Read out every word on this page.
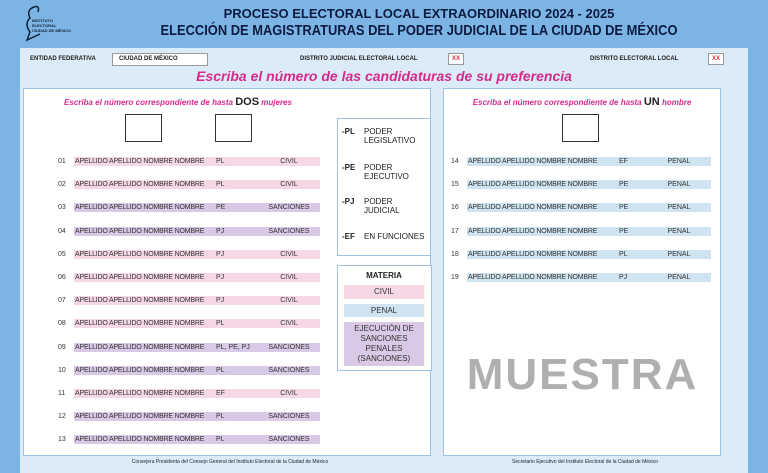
INSTITUTO ELECTORAL CIUDAD DE MÉXICO
PROCESO ELECTORAL LOCAL EXTRAORDINARIO 2024 - 2025
ELECCIÓN DE MAGISTRATURAS DEL PODER JUDICIAL DE LA CIUDAD DE MÉXICO
ENTIDAD FEDERATIVA	CIUDAD DE MÉXICO	DISTRITO JUDICIAL ELECTORAL LOCAL	XX	DISTRITO ELECTORAL LOCAL	XX
Escriba el número de las candidaturas de su preferencia
Escriba el número correspondiente de hasta DOS mujeres	Escriba el número correspondiente de hasta UN hombre
01 APELLIDO APELLIDO NOMBRE NOMBRE PL	CIVIL
02 APELLIDO APELLIDO NOMBRE NOMBRE PL	CIVIL
03 APELLIDO APELLIDO NOMBRE NOMBRE PE	SANCIONES
04 APELLIDO APELLIDO NOMBRE NOMBRE PJ	SANCIONES
05 APELLIDO APELLIDO NOMBRE NOMBRE PJ	CIVIL
06 APELLIDO APELLIDO NOMBRE NOMBRE PJ	CIVIL
07 APELLIDO APELLIDO NOMBRE NOMBRE PJ	CIVIL
08 APELLIDO APELLIDO NOMBRE NOMBRE PL	CIVIL
09 APELLIDO APELLIDO NOMBRE NOMBRE PL, PE, PJ	SANCIONES
10 APELLIDO APELLIDO NOMBRE NOMBRE PL	SANCIONES
11 APELLIDO APELLIDO NOMBRE NOMBRE EF	CIVIL
12 APELLIDO APELLIDO NOMBRE NOMBRE PL	SANCIONES
13 APELLIDO APELLIDO NOMBRE NOMBRE PL	SANCIONES
14 APELLIDO APELLIDO NOMBRE NOMBRE	EF	PENAL
15 APELLIDO APELLIDO NOMBRE NOMBRE	PE	PENAL
16 APELLIDO APELLIDO NOMBRE NOMBRE	PE	PENAL
17 APELLIDO APELLIDO NOMBRE NOMBRE	PE	PENAL
18 APELLIDO APELLIDO NOMBRE NOMBRE	PL	PENAL
19 APELLIDO APELLIDO NOMBRE NOMBRE	PJ	PENAL
-PL PODER LEGISLATIVO
-PE PODER EJECUTIVO
-PJ PODER JUDICIAL
-EF EN FUNCIONES
MATERIA
CIVIL
PENAL
EJECUCIÓN DE SANCIONES PENALES (SANCIONES)
Consejera Presidenta del Consejo General del Instituto Electoral de la Ciudad de México	Secretario Ejecutivo del Instituto Electoral de la Ciudad de México
MUESTRA
